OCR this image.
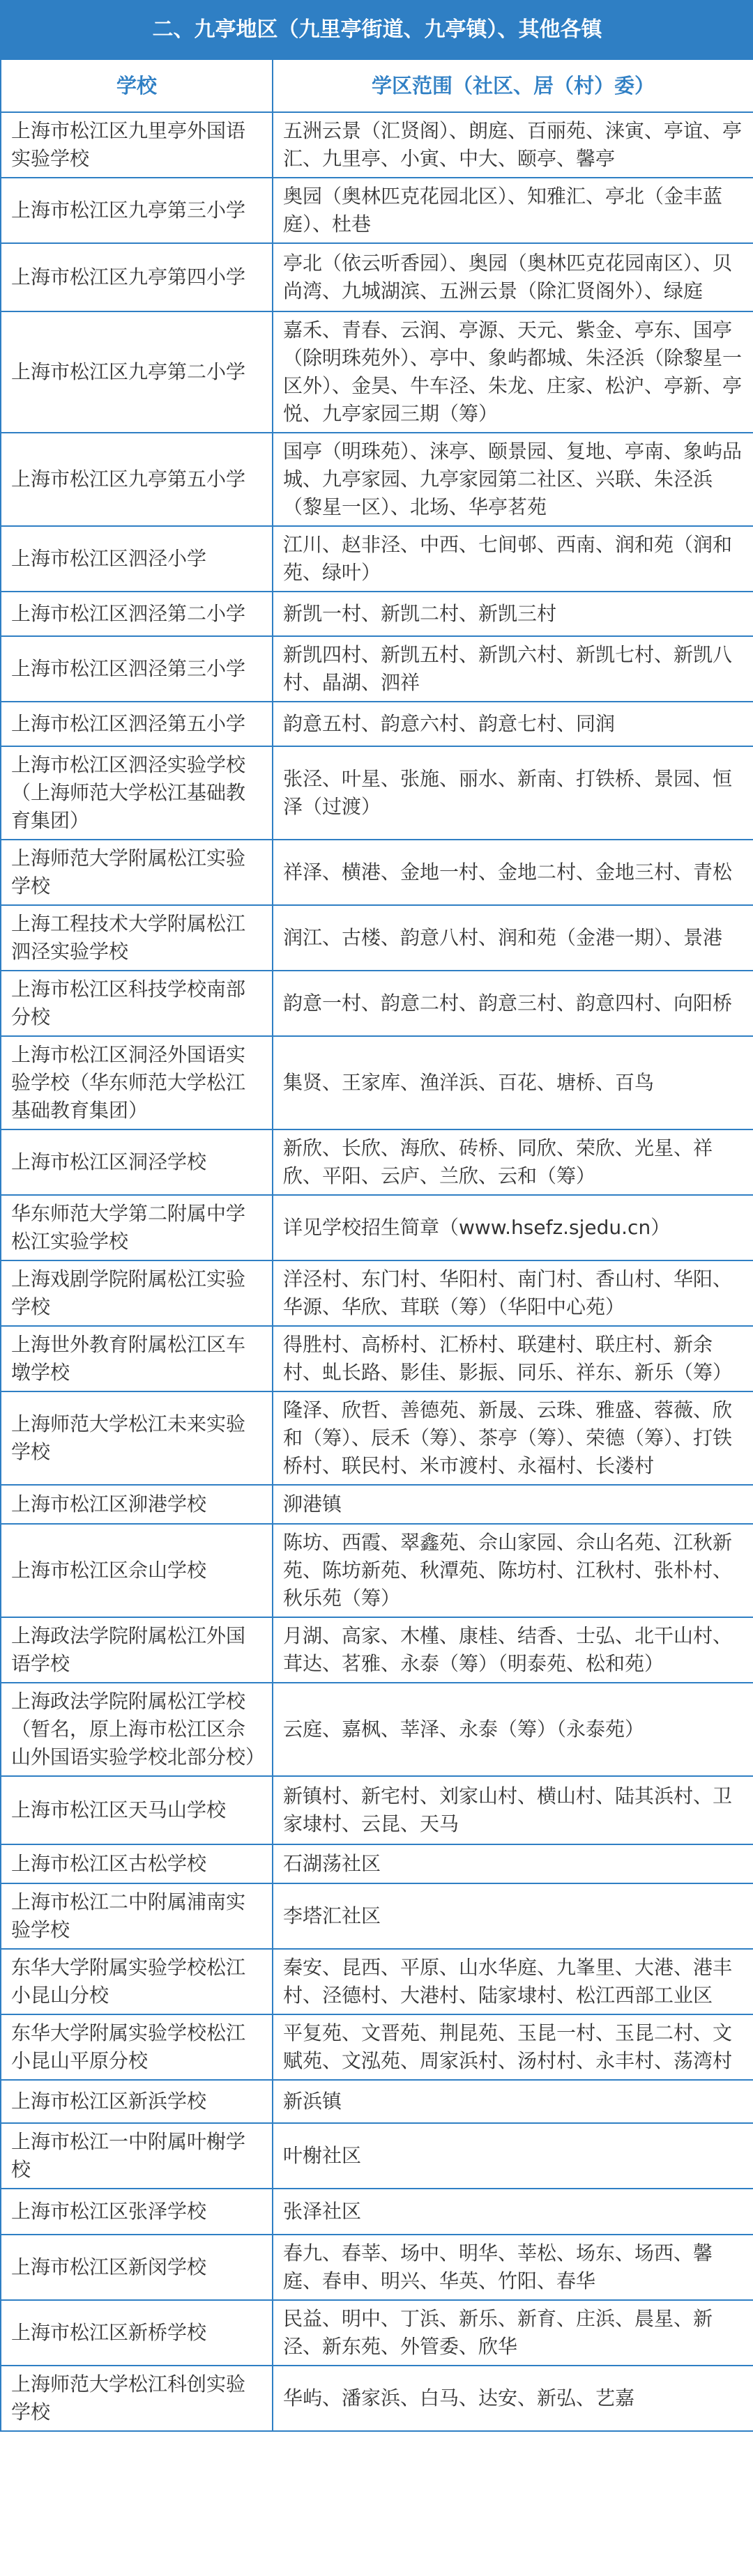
二、九亭地区（九里亭街道、九亭镇）、其他各镇	
学校	学区范围（社区、居（村）委）
上海市松江区九里亭外国语实验学校	五洲云景（汇贤阁）、朗庭、百丽苑、涞寅、亭谊、亭汇、九里亭、小寅、中大、颐亭、馨亭
上海市松江区九亭第三小学	奥园（奥林匹克花园北区）、知雅汇、亭北（金丰蓝庭）、杜巷
上海市松江区九亭第四小学	亭北（依云听香园）、奥园（奥林匹克花园南区）、贝尚湾、九城湖滨、五洲云景（除汇贤阁外）、绿庭
上海市松江区九亭第二小学	嘉禾、青春、云润、亭源、天元、紫金、亭东、国亭（除明珠苑外）、亭中、象屿都城、朱泾浜（除黎星一区外）、金昊、牛车泾、朱龙、庄家、松沪、亭新、亭悦、九亭家园三期（筹）
上海市松江区九亭第五小学	国亭（明珠苑）、涞亭、颐景园、复地、亭南、象屿品城、九亭家园、九亭家园第二社区、兴联、朱泾浜（黎星一区）、北场、华亭茗苑
上海市松江区泗泾小学	江川、赵非泾、中西、七间邨、西南、润和苑（润和苑、绿叶）
上海市松江区泗泾第二小学	新凯一村、新凯二村、新凯三村
上海市松江区泗泾第三小学	新凯四村、新凯五村、新凯六村、新凯七村、新凯八村、晶湖、泗祥
上海市松江区泗泾第五小学	韵意五村、韵意六村、韵意七村、同润
上海市松江区泗泾实验学校（上海师范大学松江基础教育集团）	张泾、叶星、张施、丽水、新南、打铁桥、景园、恒泽（过渡）
上海师范大学附属松江实验学校	祥泽、横港、金地一村、金地二村、金地三村、青松
上海工程技术大学附属松江泗泾实验学校	润江、古楼、韵意八村、润和苑（金港一期）、景港
上海市松江区科技学校南部分校	韵意一村、韵意二村、韵意三村、韵意四村、向阳桥
上海市松江区洞泾外国语实验学校（华东师范大学松江基础教育集团）	集贤、王家库、渔洋浜、百花、塘桥、百鸟
上海市松江区洞泾学校	新欣、长欣、海欣、砖桥、同欣、荣欣、光星、祥欣、平阳、云庐、兰欣、云和（筹）
华东师范大学第二附属中学松江实验学校	详见学校招生简章（www.hsefz.sjedu.cn）
上海戏剧学院附属松江实验学校	洋泾村、东门村、华阳村、南门村、香山村、华阳、华源、华欣、茸联（筹）（华阳中心苑）
上海世外教育附属松江区车墩学校	得胜村、高桥村、汇桥村、联建村、联庄村、新余村、虬长路、影佳、影振、同乐、祥东、新乐（筹）
上海师范大学松江未来实验学校	隆泽、欣哲、善德苑、新晟、云珠、雅盛、蓉薇、欣和（筹）、辰禾（筹）、茶亭（筹）、荣德（筹）、打铁桥村、联民村、米市渡村、永福村、长溇村
上海市松江区泖港学校	泖港镇
上海市松江区佘山学校	陈坊、西霞、翠鑫苑、佘山家园、佘山名苑、江秋新苑、陈坊新苑、秋潭苑、陈坊村、江秋村、张朴村、秋乐苑（筹）
上海政法学院附属松江外国语学校	月湖、高家、木槿、康桂、结香、士弘、北干山村、茸达、茗雅、永泰（筹）（明泰苑、松和苑）
上海政法学院附属松江学校（暂名，原上海市松江区佘山外国语实验学校北部分校）	云庭、嘉枫、莘泽、永泰（筹）（永泰苑）
上海市松江区天马山学校	新镇村、新宅村、刘家山村、横山村、陆其浜村、卫家埭村、云昆、天马
上海市松江区古松学校	石湖荡社区
上海市松江二中附属浦南实验学校	李塔汇社区
东华大学附属实验学校松江小昆山分校	秦安、昆西、平原、山水华庭、九峯里、大港、港丰村、泾德村、大港村、陆家埭村、松江西部工业区
东华大学附属实验学校松江小昆山平原分校	平复苑、文晋苑、荆昆苑、玉昆一村、玉昆二村、文赋苑、文泓苑、周家浜村、汤村村、永丰村、荡湾村
上海市松江区新浜学校	新浜镇
上海市松江一中附属叶榭学校	叶榭社区
上海市松江区张泽学校	张泽社区
上海市松江区新闵学校	春九、春莘、场中、明华、莘松、场东、场西、馨庭、春申、明兴、华英、竹阳、春华
上海市松江区新桥学校	民益、明中、丁浜、新乐、新育、庄浜、晨星、新泾、新东苑、外管委、欣华
上海师范大学松江科创实验学校	华屿、潘家浜、白马、达安、新弘、艺嘉
